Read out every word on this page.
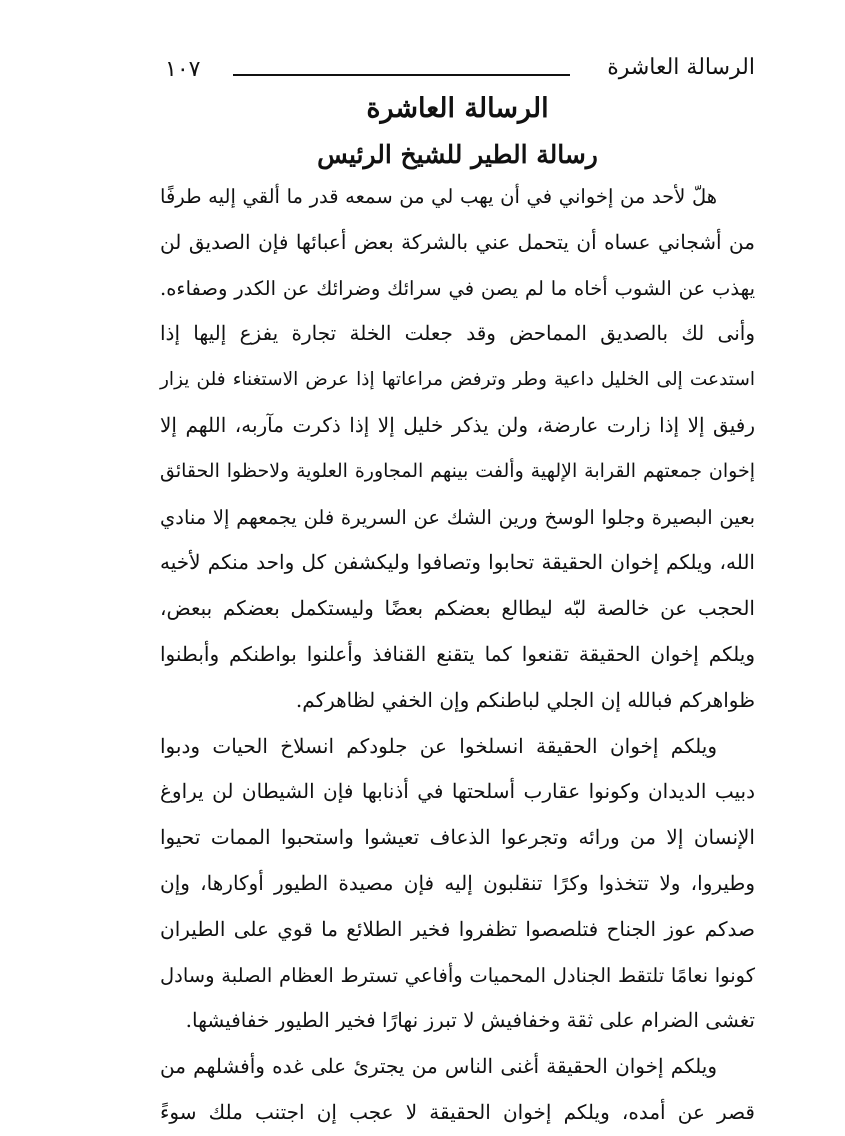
١٠٧	الرسالة العاشرة
الرسالة العاشرة
رسالة الطير للشيخ الرئيس
هلّ لأحد من إخواني في أن يهب لي من سمعه قدر ما ألقي إليه طرفًا
من أشجاني عساه أن يتحمل عني بالشركة بعض أعبائها فإن الصديق لن
يهذب عن الشوب أخاه ما لم يصن في سرائك وضرائك عن الكدر وصفاءه.
وأنى لك بالصديق المماحض وقد جعلت الخلة تجارة يفزع إليها إذا
استدعت إلى الخليل داعية وطر وترفض مراعاتها إذا عرض الاستغناء فلن يزار
رفيق إلا إذا زارت عارضة، ولن يذكر خليل إلا إذا ذكرت مآربه، اللهم إلا
إخوان جمعتهم القرابة الإلهية وألفت بينهم المجاورة العلوية ولاحظوا الحقائق
بعين البصيرة وجلوا الوسخ ورين الشك عن السريرة فلن يجمعهم إلا منادي
الله، ويلكم إخوان الحقيقة تحابوا وتصافوا وليكشفن كل واحد منكم لأخيه
الحجب عن خالصة لبّه ليطالع بعضكم بعضًا وليستكمل بعضكم ببعض،
ويلكم إخوان الحقيقة تقنعوا كما يتقنع القنافذ وأعلنوا بواطنكم وأبطنوا
ظواهركم فبالله إن الجلي لباطنكم وإن الخفي لظاهركم.
ويلكم إخوان الحقيقة انسلخوا عن جلودكم انسلاخ الحيات ودبوا
دبيب الديدان وكونوا عقارب أسلحتها في أذنابها فإن الشيطان لن يراوغ
الإنسان إلا من ورائه وتجرعوا الذعاف تعيشوا واستحبوا الممات تحيوا
وطيروا، ولا تتخذوا وكرًا تنقلبون إليه فإن مصيدة الطيور أوكارها، وإن
صدكم عوز الجناح فتلصصوا تظفروا فخير الطلائع ما قوي على الطيران
كونوا نعامًا تلتقط الجنادل المحميات وأفاعي تسترط العظام الصلبة وسادل
تغشى الضرام على ثقة وخفافيش لا تبرز نهارًا فخير الطيور خفافيشها.
ويلكم إخوان الحقيقة أغنى الناس من يجترئ على غده وأفشلهم من
قصر عن أمده، ويلكم إخوان الحقيقة لا عجب إن اجتنب ملك سوءً
